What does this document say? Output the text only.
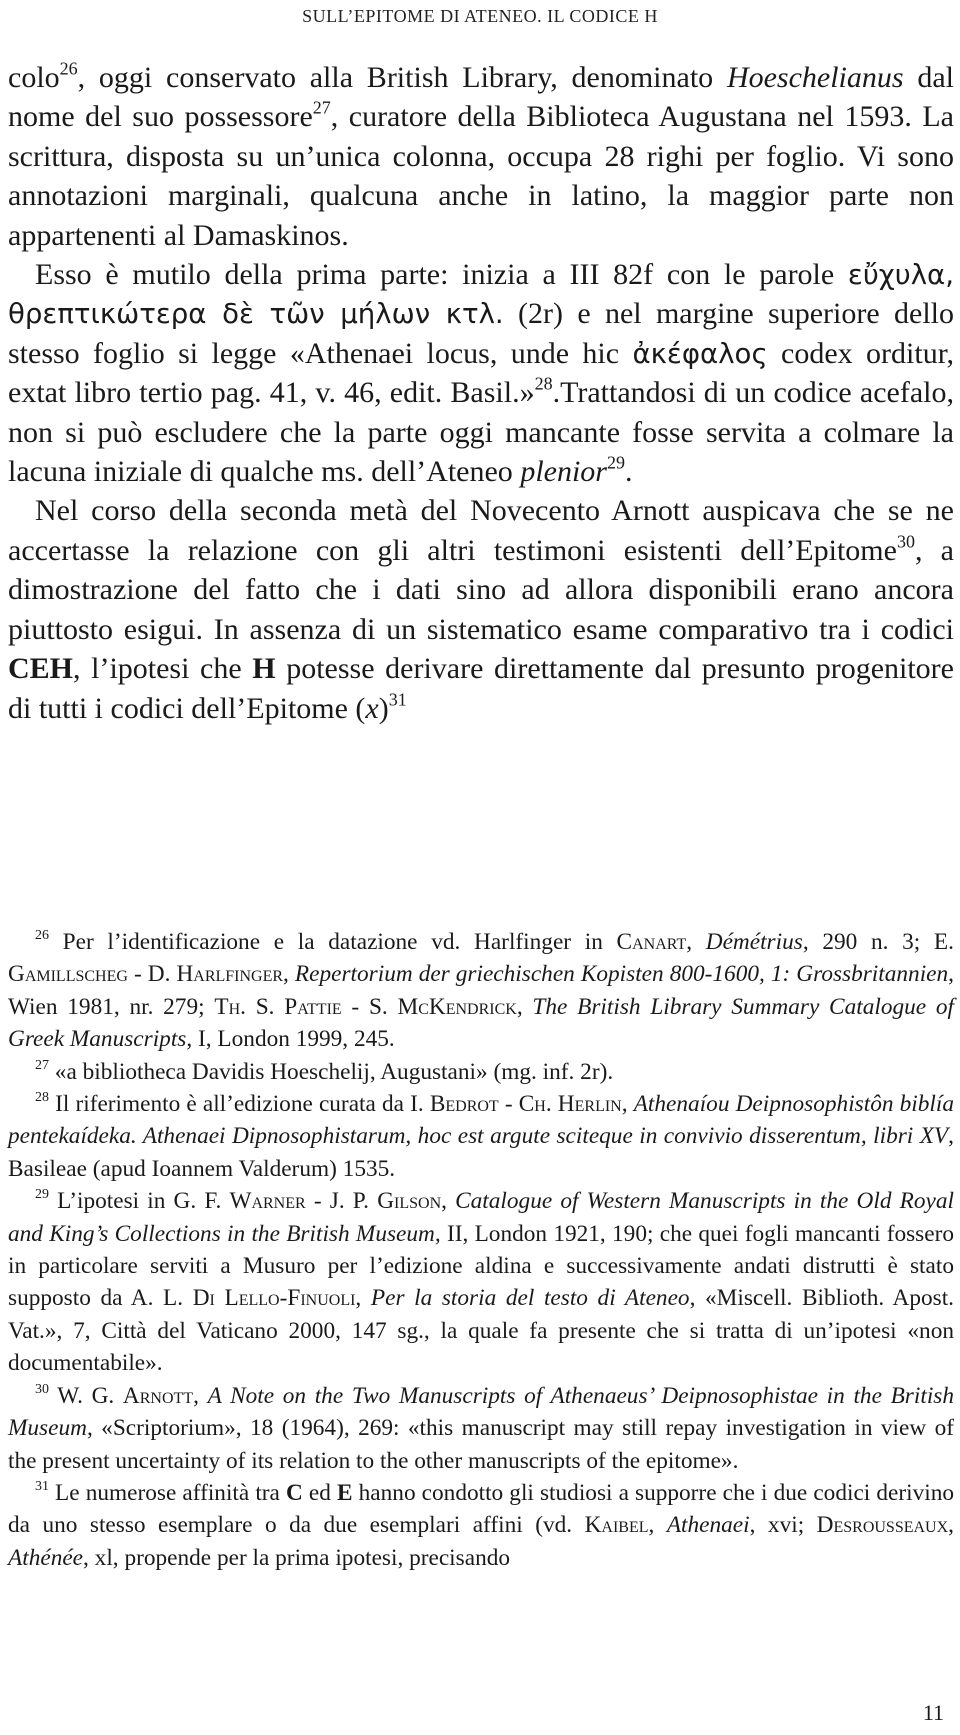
SULL’EPITOME DI ATENEO. IL CODICE H

colo$^{26}$, oggi conservato alla British Library, denominato Hoeschelianus dal nome del suo possessore$^{27}$, curatore della Biblioteca Augustana nel 1593. La scrittura, disposta su un’unica colonna, occupa 28 righi per foglio. Vi sono annotazioni marginali, qualcuna anche in latino, la maggior parte non appartenenti al Damaskinos.

Esso è mutilo della prima parte: inizia a III 82f con le parole εὔχυλα, θρεπτικώτερα δὲ τῶν μήλων κτλ. (2r) e nel margine superiore dello stesso foglio si legge «Athenaei locus, unde hic ἀκέφαλος codex orditur, extat libro tertio pag. 41, v. 46, edit. Basil.»$^{28}$.Trattandosi di un codice acefalo, non si può escludere che la parte oggi mancante fosse servita a colmare la lacuna iniziale di qualche ms. dell’Ateneo plenior$^{29}$.

Nel corso della seconda metà del Novecento Arnott auspicava che se ne accertasse la relazione con gli altri testimoni esistenti dell’Epitome$^{30}$, a dimostrazione del fatto che i dati sino ad allora disponibili erano ancora piuttosto esigui. In assenza di un sistematico esame comparativo tra i codici CEH, l’ipotesi che H potesse derivare direttamente dal presunto progenitore di tutti i codici dell’Epitome $(x)^{31}$

$^{26}$ Per l’identificazione e la datazione vd. Harlfinger in Canart, Démétrius, 290 n. 3; E. Gamillscheg - D. Harlfinger, Repertorium der griechischen Kopisten 800-1600, 1: Grossbritannien, Wien 1981, nr. 279; Th. S. Pattie - S. McKendrick, The British Library Summary Catalogue of Greek Manuscripts, I, London 1999, 245.

$^{27}$ «a bibliotheca Davidis Hoeschelij, Augustani» (mg. inf. 2r).

$^{28}$ Il riferimento è all’edizione curata da I. Bedrot - Ch. Herlin, Athenaíou Deipnosophistôn biblía pentekaídeka. Athenaei Dipnosophistarum, hoc est argute sciteque in convivio disserentum, libri XV, Basileae (apud Ioannem Valderum) 1535.

$^{29}$ L’ipotesi in G. F. Warner - J. P. Gilson, Catalogue of Western Manuscripts in the Old Royal and King’s Collections in the British Museum, II, London 1921, 190; che quei fogli mancanti fossero in particolare serviti a Musuro per l’edizione aldina e successivamente andati distrutti è stato supposto da A. L. Di Lello-Finuoli, Per la storia del testo di Ateneo, «Miscell. Biblioth. Apost. Vat.», 7, Città del Vaticano 2000, 147 sg., la quale fa presente che si tratta di un’ipotesi «non documentabile».

$^{30}$ W. G. Arnott, A Note on the Two Manuscripts of Athenaeus’ Deipnosophistae in the British Museum, «Scriptorium», 18 (1964), 269: «this manuscript may still repay investigation in view of the present uncertainty of its relation to the other manuscripts of the epitome».

$^{31}$ Le numerose affinità tra C ed E hanno condotto gli studiosi a supporre che i due codici derivino da uno stesso esemplare o da due esemplari affini (vd. Kaibel, Athenaei, xvi; Desrousseaux, Athénée, xl, propende per la prima ipotesi, precisando

11
